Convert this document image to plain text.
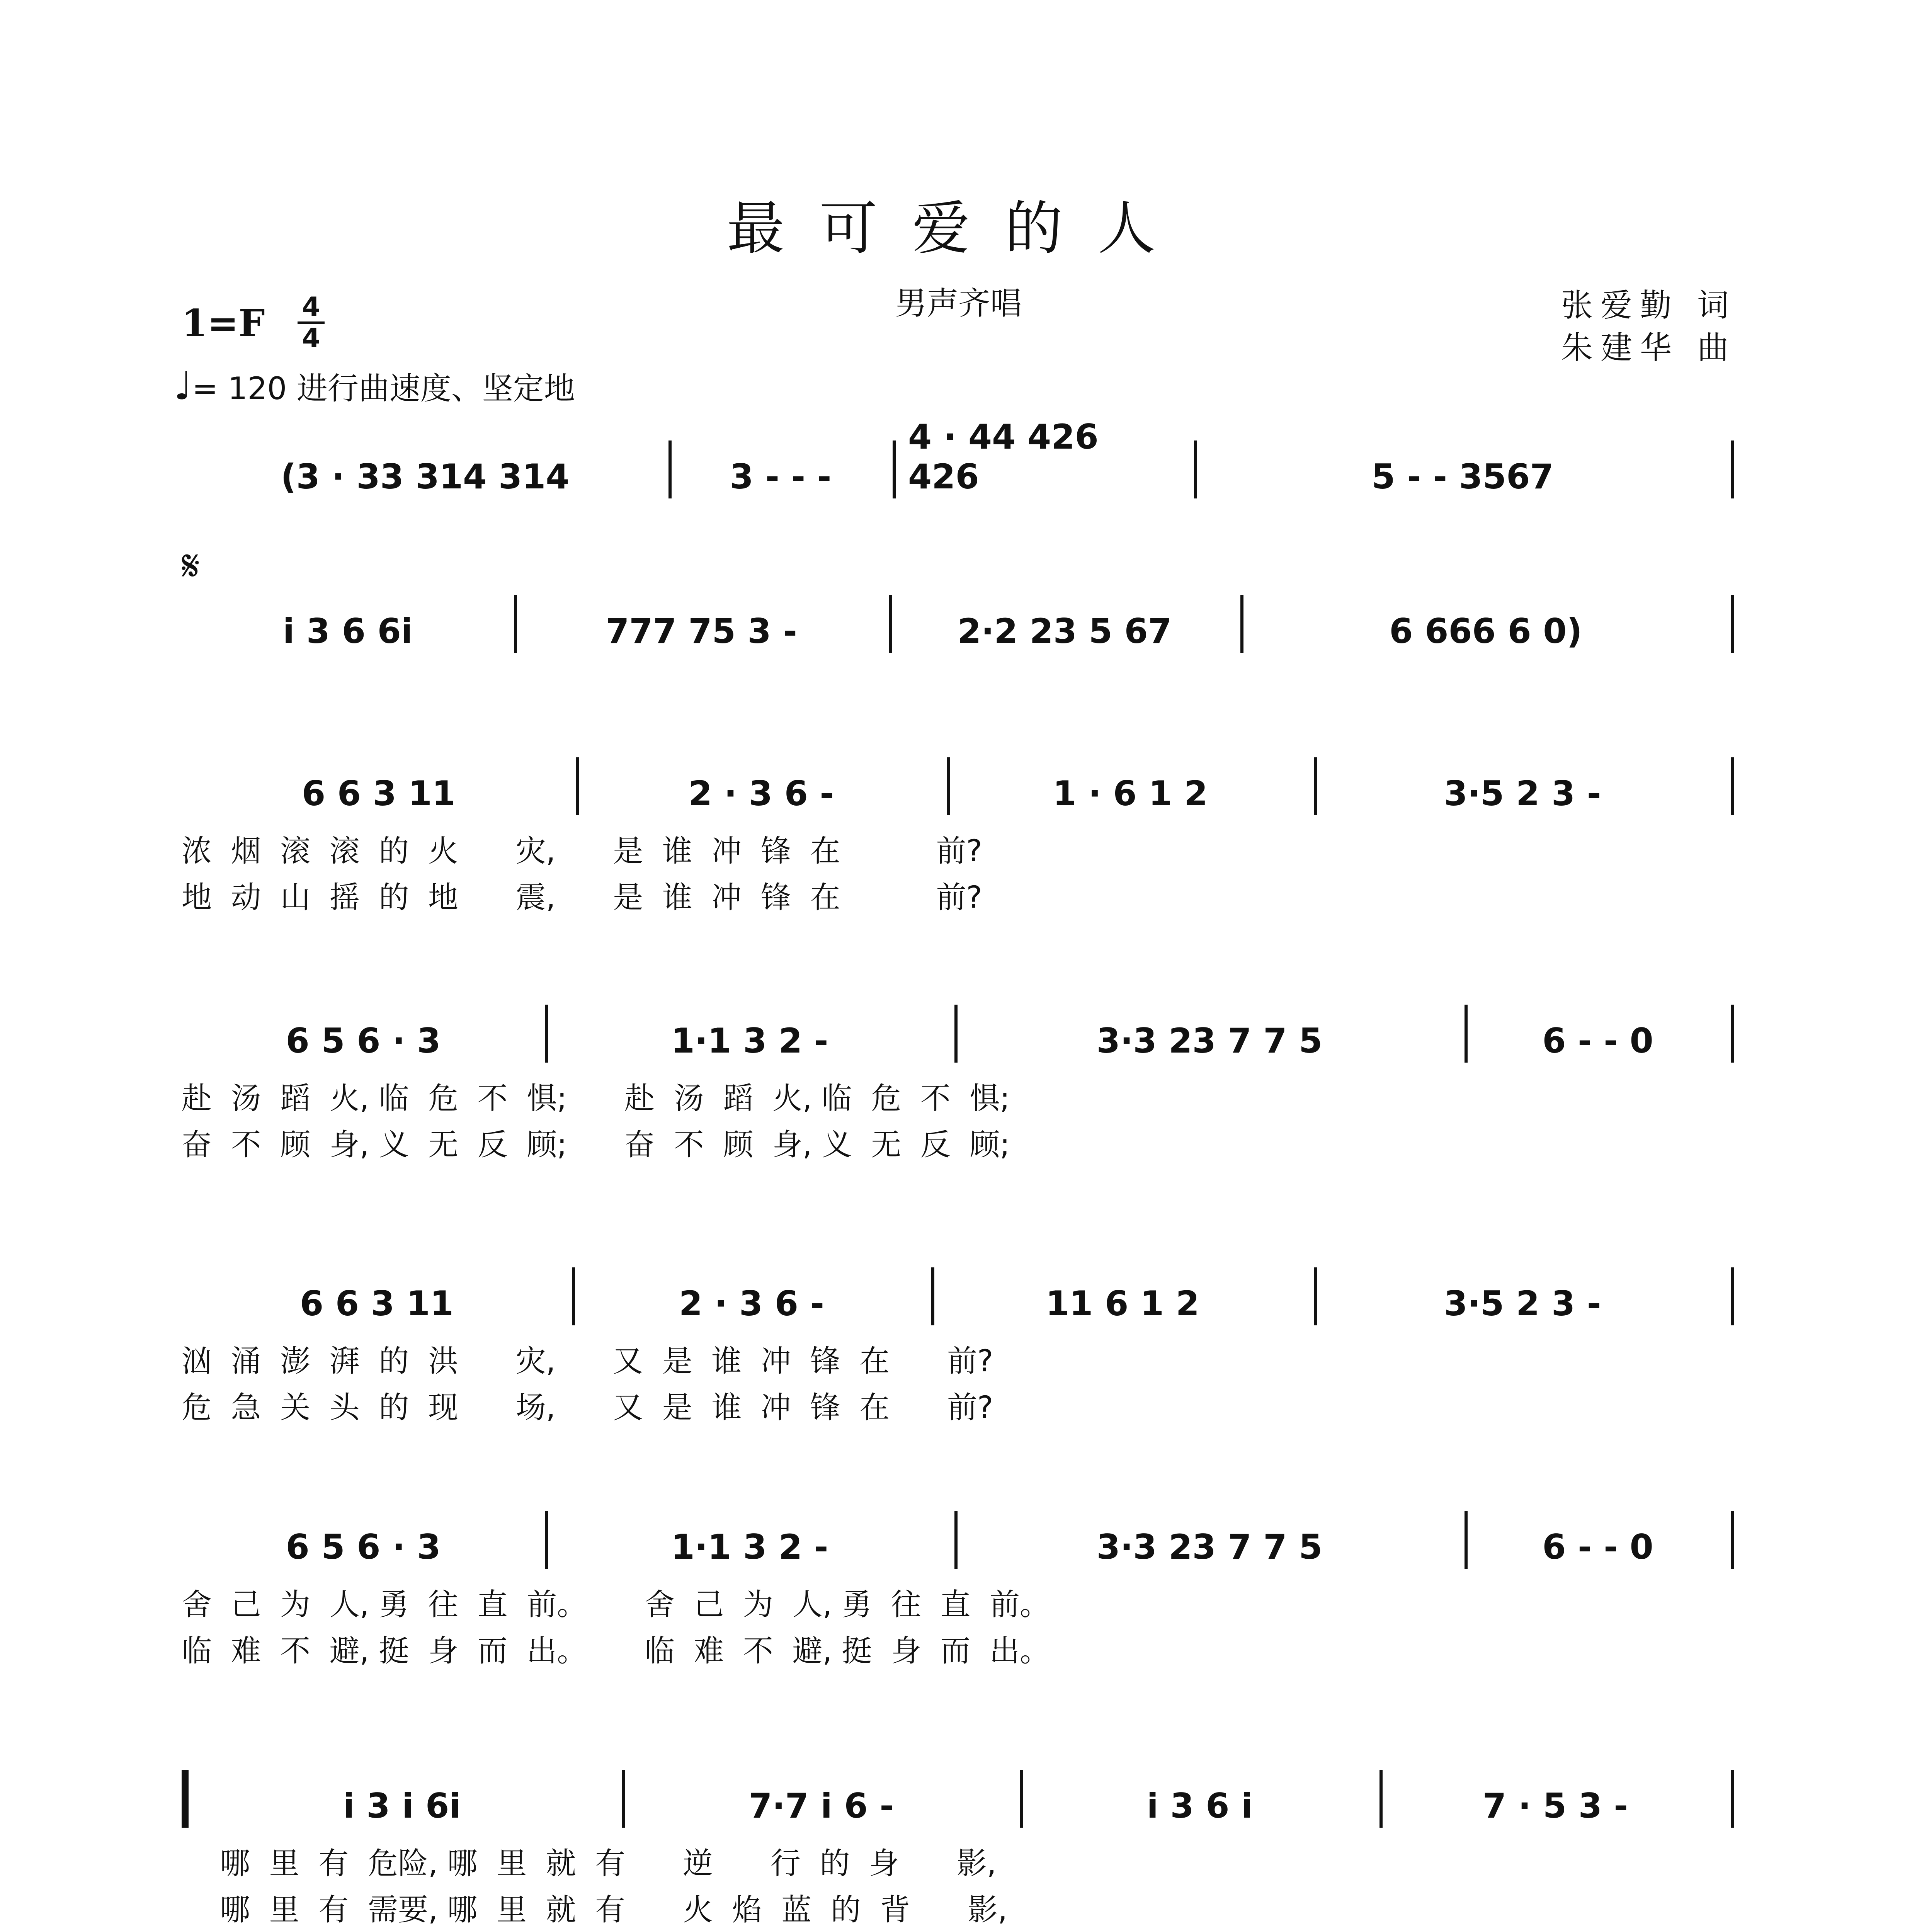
最可爱的人
男声齐唱
1=F 4
4
♩= 120 进行曲速度、坚定地
张爱勤 词
朱建华 曲
𝄋
(3 · 33 314 314	3 - - -
4 · 44 426 426	5 - - 3567
i 3 6 6i	777 75 3 -	2·2 23 5 67	6 666 6 0)
6 6 3 11	2 · 3 6 -	1 · 6 1 2	3·5 2 3 -
6 5 6 · 3	1·1 3 2 -	3·3 23 7 7 5	6 - - 0
6 6 3 11	2 · 3 6 -	11 6 1 2	3·5 2 3 -
6 5 6 · 3	1·1 3 2 -	3·3 23 7 7 5	6 - - 0
i 3 i 6i	7·7 i 6 -	i 3 6 i	7 · 5 3 -
浓  烟  滚  滚  的  火      灾,      是  谁  冲  锋  在          前?
地  动  山  摇  的  地      震,      是  谁  冲  锋  在          前?
赴  汤  蹈  火, 临  危  不  惧;      赴  汤  蹈  火, 临  危  不  惧;
奋  不  顾  身, 义  无  反  顾;      奋  不  顾  身, 义  无  反  顾;
汹  涌  澎  湃  的  洪      灾,      又  是  谁  冲  锋  在      前?
危  急  关  头  的  现      场,      又  是  谁  冲  锋  在      前?
舍  己  为  人, 勇  往  直  前。      舍  己  为  人, 勇  往  直  前。
临  难  不  避, 挺  身  而  出。      临  难  不  避, 挺  身  而  出。
哪  里  有  危险, 哪  里  就  有      逆      行  的  身      影,
哪  里  有  需要, 哪  里  就  有      火  焰  蓝  的  背      影,
